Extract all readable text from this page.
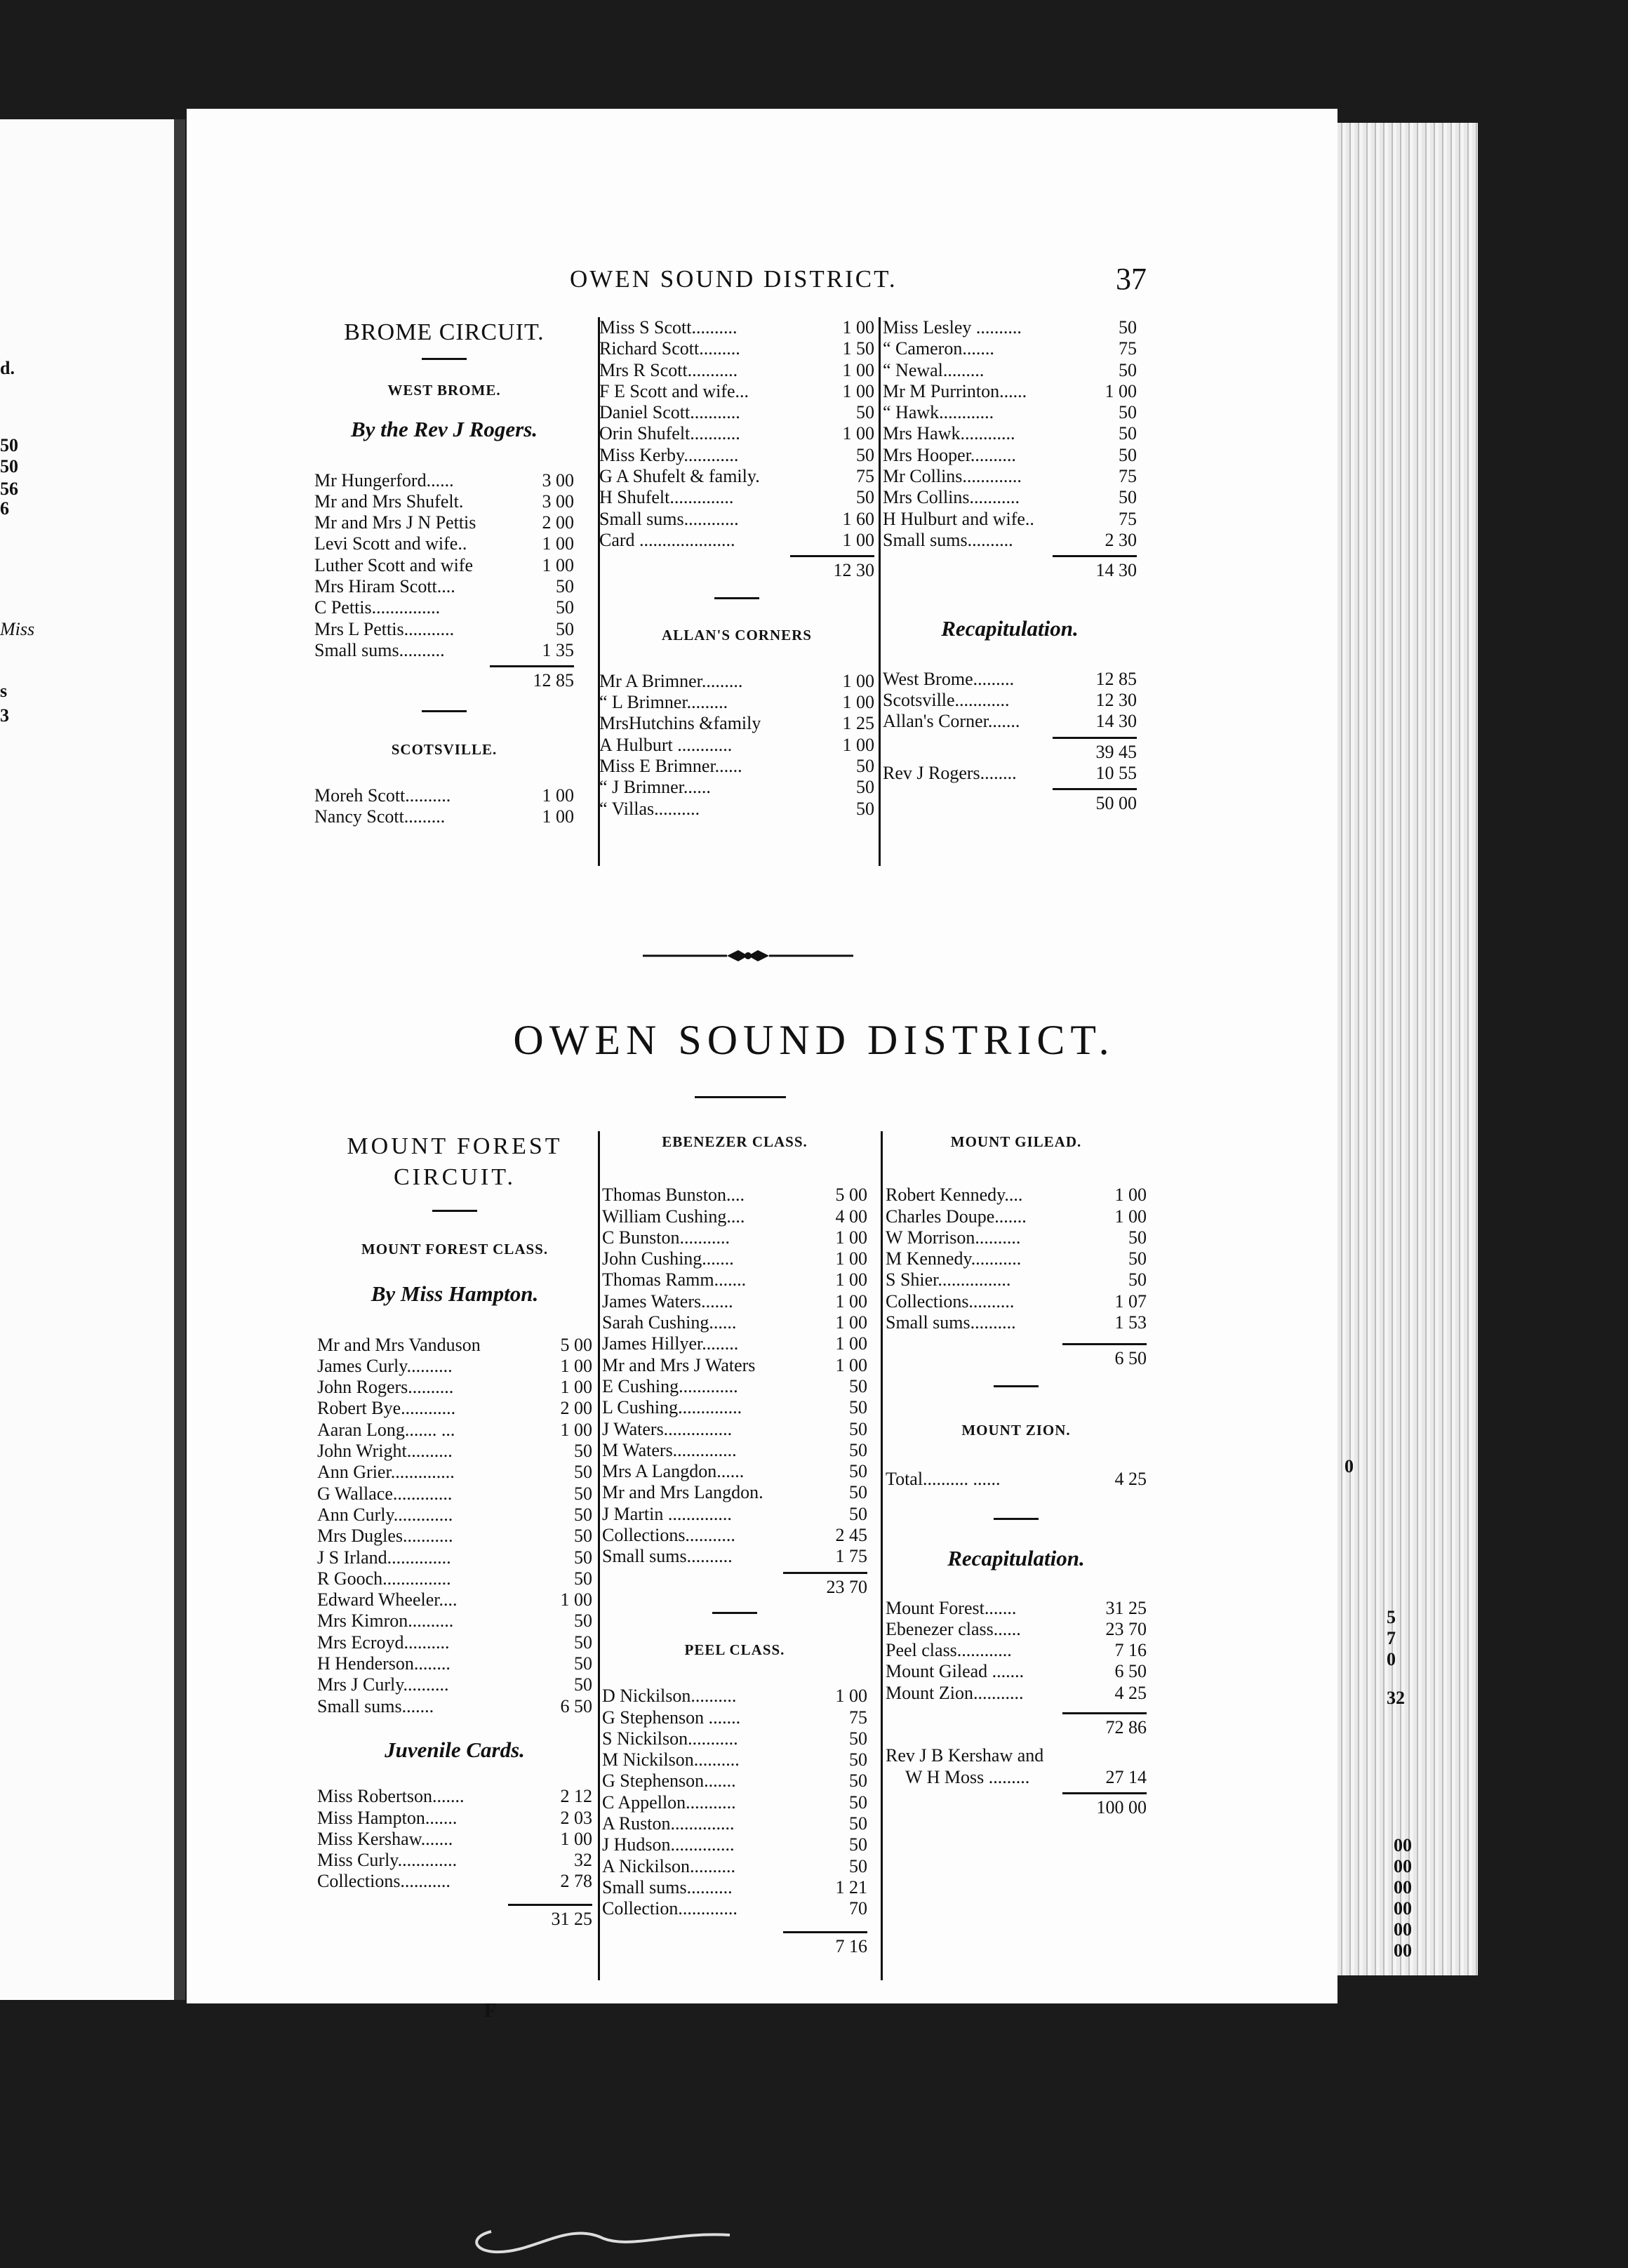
d.
50
50
56
6
Miss
s
3
0
5
7
0
32
00
00
00
00
00
00
OWEN SOUND DISTRICT.	37
BROME CIRCUIT.
WEST BROME.
By the Rev J Rogers.
Mr Hungerford......	3 00
Mr and Mrs Shufelt.	3 00
Mr and Mrs J N Pettis	2 00
Levi Scott and wife..	1 00
Luther Scott and wife	1 00
Mrs Hiram Scott....	50
C Pettis...............	50
Mrs L Pettis...........	50
Small sums..........	1 35
12 85
SCOTSVILLE.
Moreh Scott..........	1 00
Nancy Scott.........	1 00
Miss S Scott..........	1 00
Richard Scott.........	1 50
Mrs R Scott...........	1 00
F E Scott and wife...	1 00
Daniel Scott...........	50
Orin Shufelt...........	1 00
Miss Kerby............	50
G A Shufelt & family.	75
H Shufelt..............	50
Small sums............	1 60
Card .....................	1 00
12 30
ALLAN'S CORNERS
Mr A Brimner.........	1 00
“ L Brimner.........	1 00
MrsHutchins &family	1 25
A Hulburt ............	1 00
Miss E Brimner......	50
“ J Brimner......	50
“ Villas..........	50
Miss Lesley ..........	50
“ Cameron.......	75
“ Newal.........	50
Mr M Purrinton......	1 00
“ Hawk............	50
Mrs Hawk............	50
Mrs Hooper..........	50
Mr Collins.............	75
Mrs Collins...........	50
H Hulburt and wife..	75
Small sums..........	2 30
14 30
Recapitulation.
West Brome.........	12 85
Scotsville............	12 30
Allan's Corner.......	14 30
39 45
Rev J Rogers........	10 55
50 00
OWEN SOUND DISTRICT.
MOUNT FOREST
CIRCUIT.
MOUNT FOREST CLASS.
By Miss Hampton.
Mr and Mrs Vanduson	5 00
James Curly..........	1 00
John Rogers..........	1 00
Robert Bye............	2 00
Aaran Long....... ...	1 00
John Wright..........	50
Ann Grier..............	50
G Wallace.............	50
Ann Curly.............	50
Mrs Dugles...........	50
J S Irland..............	50
R Gooch...............	50
Edward Wheeler....	1 00
Mrs Kimron..........	50
Mrs Ecroyd..........	50
H Henderson........	50
Mrs J Curly..........	50
Small sums.......	6 50
Juvenile Cards.
Miss Robertson.......	2 12
Miss Hampton.......	2 03
Miss Kershaw.......	1 00
Miss Curly.............	32
Collections...........	2 78
31 25
EBENEZER CLASS.
Thomas Bunston....	5 00
William Cushing....	4 00
C Bunston...........	1 00
John Cushing.......	1 00
Thomas Ramm.......	1 00
James Waters.......	1 00
Sarah Cushing......	1 00
James Hillyer........	1 00
Mr and Mrs J Waters	1 00
E Cushing.............	50
L Cushing..............	50
J Waters...............	50
M Waters..............	50
Mrs A Langdon......	50
Mr and Mrs Langdon.	50
J Martin ..............	50
Collections...........	2 45
Small sums..........	1 75
23 70
PEEL CLASS.
D Nickilson..........	1 00
G Stephenson .......	75
S Nickilson...........	50
M Nickilson..........	50
G Stephenson.......	50
C Appellon...........	50
A Ruston..............	50
J Hudson..............	50
A Nickilson..........	50
Small sums..........	1 21
Collection.............	70
7 16
MOUNT GILEAD.
Robert Kennedy....	1 00
Charles Doupe.......	1 00
W Morrison..........	50
M Kennedy...........	50
S Shier................	50
Collections..........	1 07
Small sums..........	1 53
6 50
MOUNT ZION.
Total.......... ......	4 25
Recapitulation.
Mount Forest.......	31 25
Ebenezer class......	23 70
Peel class............	7 16
Mount Gilead .......	6 50
Mount Zion...........	4 25
72 86
Rev J B Kershaw and
W H Moss .........	27 14
100 00
F
